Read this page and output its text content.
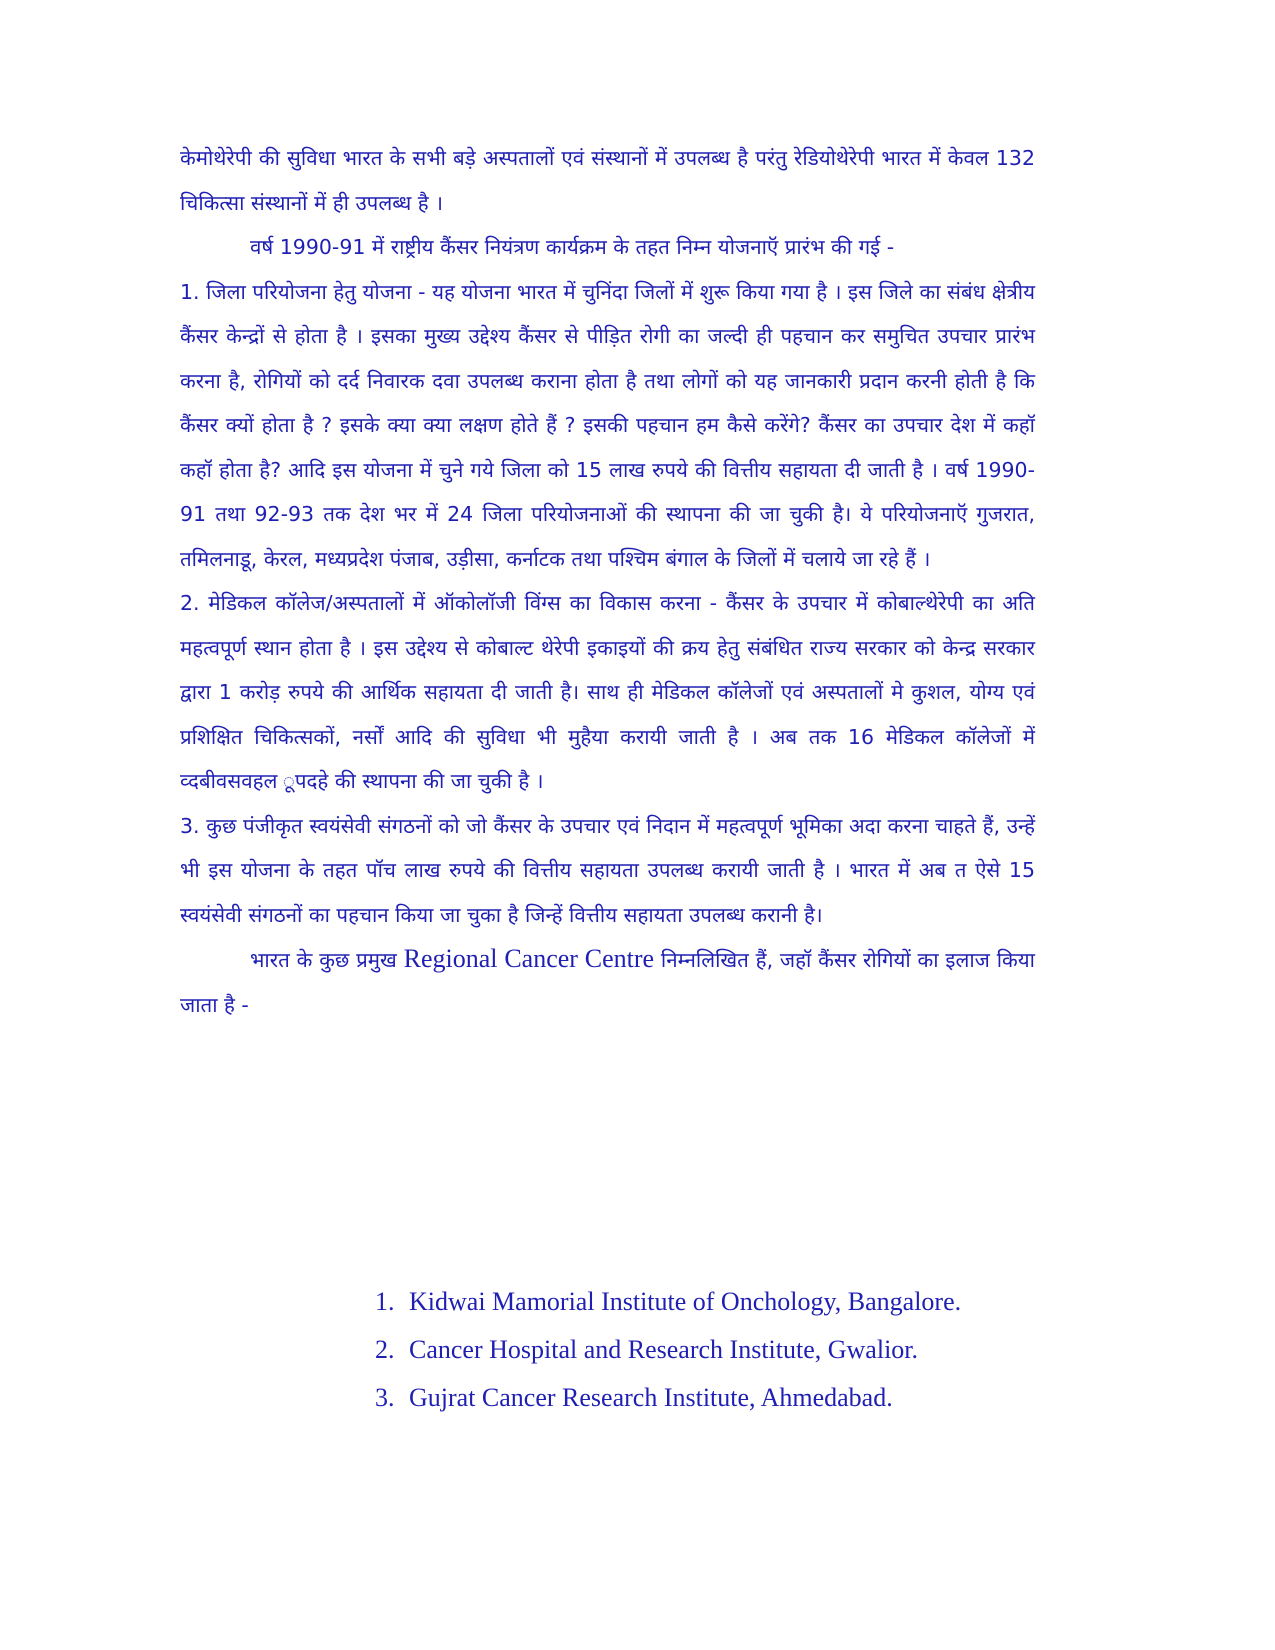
केमोथेरेपी की सुविधा भारत के सभी बड़े अस्पतालों एवं संस्थानों में उपलब्ध है परंतु रेडियोथेरेपी भारत में केवल 132 चिकित्सा संस्थानों में ही उपलब्ध है ।

वर्ष 1990-91 में राष्ट्रीय कैंसर नियंत्रण कार्यक्रम के तहत निम्न योजनाऍ प्रारंभ की गई -

1. जिला परियोजना हेतु योजना - यह योजना भारत में चुनिंदा जिलों में शुरू किया गया है । इस जिले का संबंध क्षेत्रीय कैंसर केन्द्रों से होता है । इसका मुख्य उद्देश्य कैंसर से पीड़ित रोगी का जल्दी ही पहचान कर समुचित उपचार प्रारंभ करना है, रोगियों को दर्द निवारक दवा उपलब्ध कराना होता है तथा लोगों को यह जानकारी प्रदान करनी होती है कि कैंसर क्यों होता है ? इसके क्या क्या लक्षण होते हैं ? इसकी पहचान हम कैसे करेंगे? कैंसर का उपचार देश में कहॉ कहॉ होता है? आदि इस योजना में चुने गये जिला को 15 लाख रुपये की वित्तीय सहायता दी जाती है । वर्ष 1990-91 तथा 92-93 तक देश भर में 24 जिला परियोजनाओं की स्थापना की जा चुकी है। ये परियोजनाऍ गुजरात, तमिलनाडू, केरल, मध्यप्रदेश पंजाब, उड़ीसा, कर्नाटक तथा पश्चिम बंगाल के जिलों में चलाये जा रहे हैं ।

2. मेडिकल कॉलेज/अस्पतालों में ऑकोलॉजी विंग्स का विकास करना - कैंसर के उपचार में कोबाल्थेरेपी का अति महत्वपूर्ण स्थान होता है । इस उद्देश्य से कोबाल्ट थेरेपी इकाइयों की क्रय हेतु संबंधित राज्य सरकार को केन्द्र सरकार द्वारा 1 करोड़ रुपये की आर्थिक सहायता दी जाती है। साथ ही मेडिकल कॉलेजों एवं अस्पतालों मे कुशल, योग्य एवं प्रशिक्षित चिकित्सकों, नर्सों आदि की सुविधा भी मुहैया करायी जाती है । अब तक 16 मेडिकल कॉलेजों में व्दबीवसवहल ूपदहे की स्थापना की जा चुकी है ।

3. कुछ पंजीकृत स्वयंसेवी संगठनों को जो कैंसर के उपचार एवं निदान में महत्वपूर्ण भूमिका अदा करना चाहते हैं, उन्हें भी इस योजना के तहत पॉच लाख रुपये की वित्तीय सहायता उपलब्ध करायी जाती है । भारत में अब त ऐसे 15 स्वयंसेवी संगठनों का पहचान किया जा चुका है जिन्हें वित्तीय सहायता उपलब्ध करानी है।

भारत के कुछ प्रमुख Regional Cancer Centre निम्नलिखित हैं, जहॉ कैंसर रोगियों का इलाज किया जाता है -

1. Kidwai Mamorial Institute of Onchology, Bangalore.
2. Cancer Hospital and Research Institute, Gwalior.
3. Gujrat Cancer Research Institute, Ahmedabad.
